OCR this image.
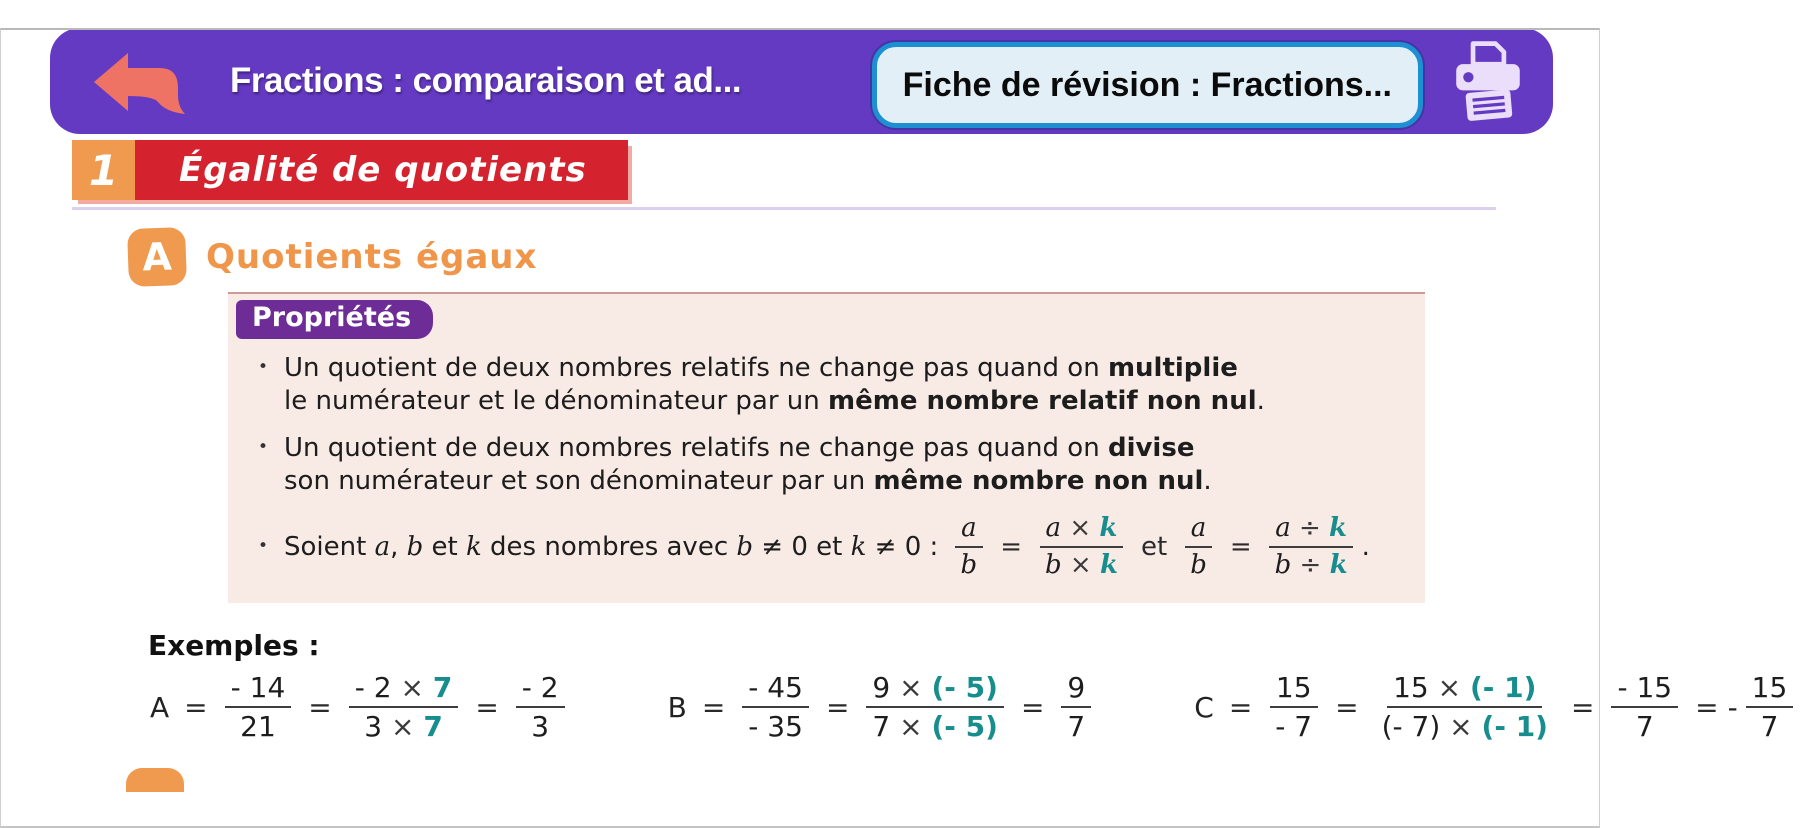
Fractions : comparaison et ad...	Fiche de révision : Fractions...
1	Égalité de quotients
A Quotients égaux
Propriétés
• Un quotient de deux nombres relatifs ne change pas quand on multiplie
le numérateur et le dénominateur par un même nombre relatif non nul.
• Un quotient de deux nombres relatifs ne change pas quand on divise
son numérateur et son dénominateur par un même nombre non nul.
• Soient a, b et k des nombres avec b ≠ 0 et k ≠ 0 : $\frac{a}{b} = \frac{a \times k}{b \times k}$ et $\frac{a}{b} = \frac{a \div k}{b \div k}$ .
Exemples :
$A = \frac{- 14}{21} = \frac{- 2 \times 7}{3 \times 7} = \frac{- 2}{3}$	$B = \frac{- 45}{- 35} = \frac{9 \times (- 5)}{7 \times (- 5)} = \frac{9}{7}$	$C = \frac{15}{- 7} = \frac{15 \times (- 1)}{(- 7) \times (- 1)} = \frac{- 15}{7}$ = - $\frac{15}{7}$
